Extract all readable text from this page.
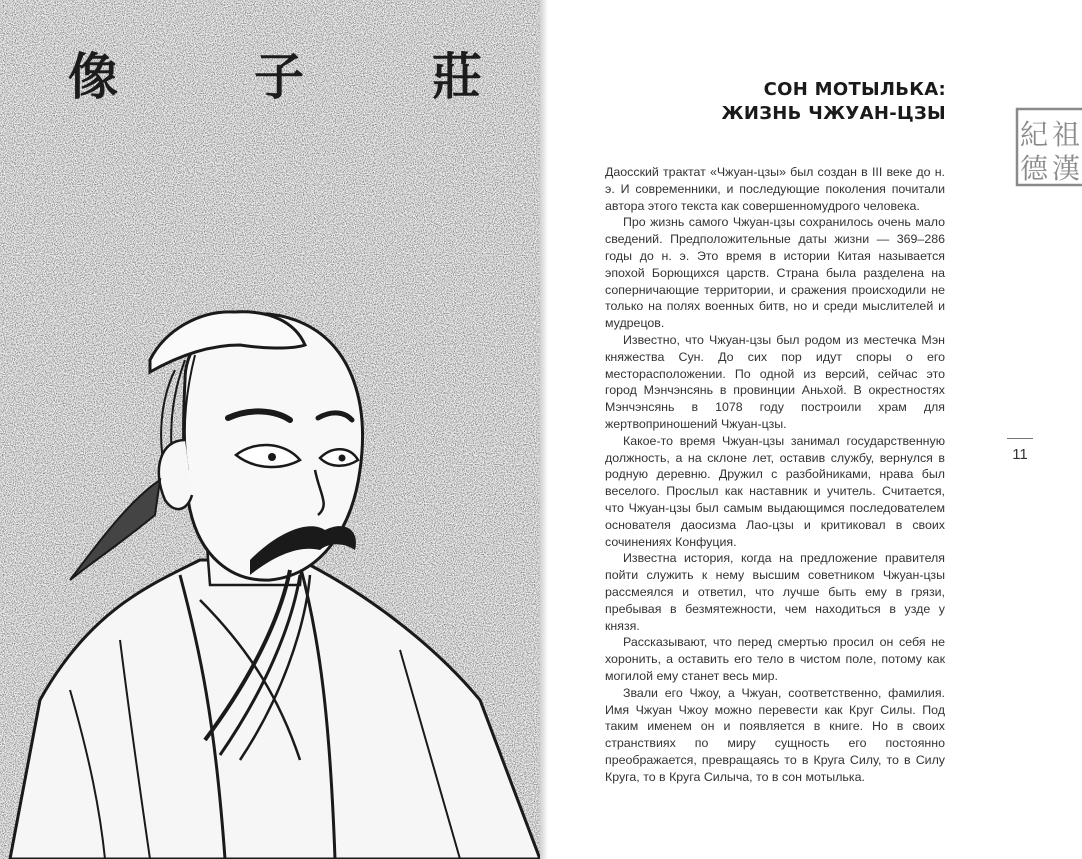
像	子	莊	СОН МОТЫЛЬКА:
ЖИЗНЬ ЧЖУАН-ЦЗЫ
紀 祖
德 漢

Даосский трактат «Чжуан-цзы» был создан в III веке до н. э. И современники, и последующие поколения почитали автора этого текста как совершенномудрого человека.

Про жизнь самого Чжуан-цзы сохранилось очень мало сведений. Предположительные даты жизни — 369–286 годы до н. э. Это время в истории Китая называется эпохой Борющихся царств. Страна была разделена на соперничающие территории, и сражения происходили не только на полях военных битв, но и среди мыслителей и мудрецов.

Известно, что Чжуан-цзы был родом из местечка Мэн княжества Сун. До сих пор идут споры о его месторасположении. По одной из версий, сейчас это город Мэнчэнсянь в провинции Аньхой. В окрестностях Мэнчэнсянь в 1078 году построили храм для жертвоприношений Чжуан-цзы.

Какое-то время Чжуан-цзы занимал государственную должность, а на склоне лет, оставив службу, вернулся в родную деревню. Дружил с разбойниками, нрава был веселого. Прослыл как наставник и учитель. Считается, что Чжуан-цзы был самым выдающимся последователем основателя даосизма Лао-цзы и критиковал в своих сочинениях Конфуция.

Известна история, когда на предложение правителя пойти служить к нему высшим советником Чжуан-цзы рассмеялся и ответил, что лучше быть ему в грязи, пребывая в безмятежности, чем находиться в узде у князя.

Рассказывают, что перед смертью просил он себя не хоронить, а оставить его тело в чистом поле, потому как могилой ему станет весь мир.

Звали его Чжоу, а Чжуан, соответственно, фамилия. Имя Чжуан Чжоу можно перевести как Круг Силы. Под таким именем он и появляется в книге. Но в своих странствиях по миру сущность его постоянно преображается, превращаясь то в Круга Силу, то в Силу Круга, то в Круга Силыча, то в сон мотылька.

11
